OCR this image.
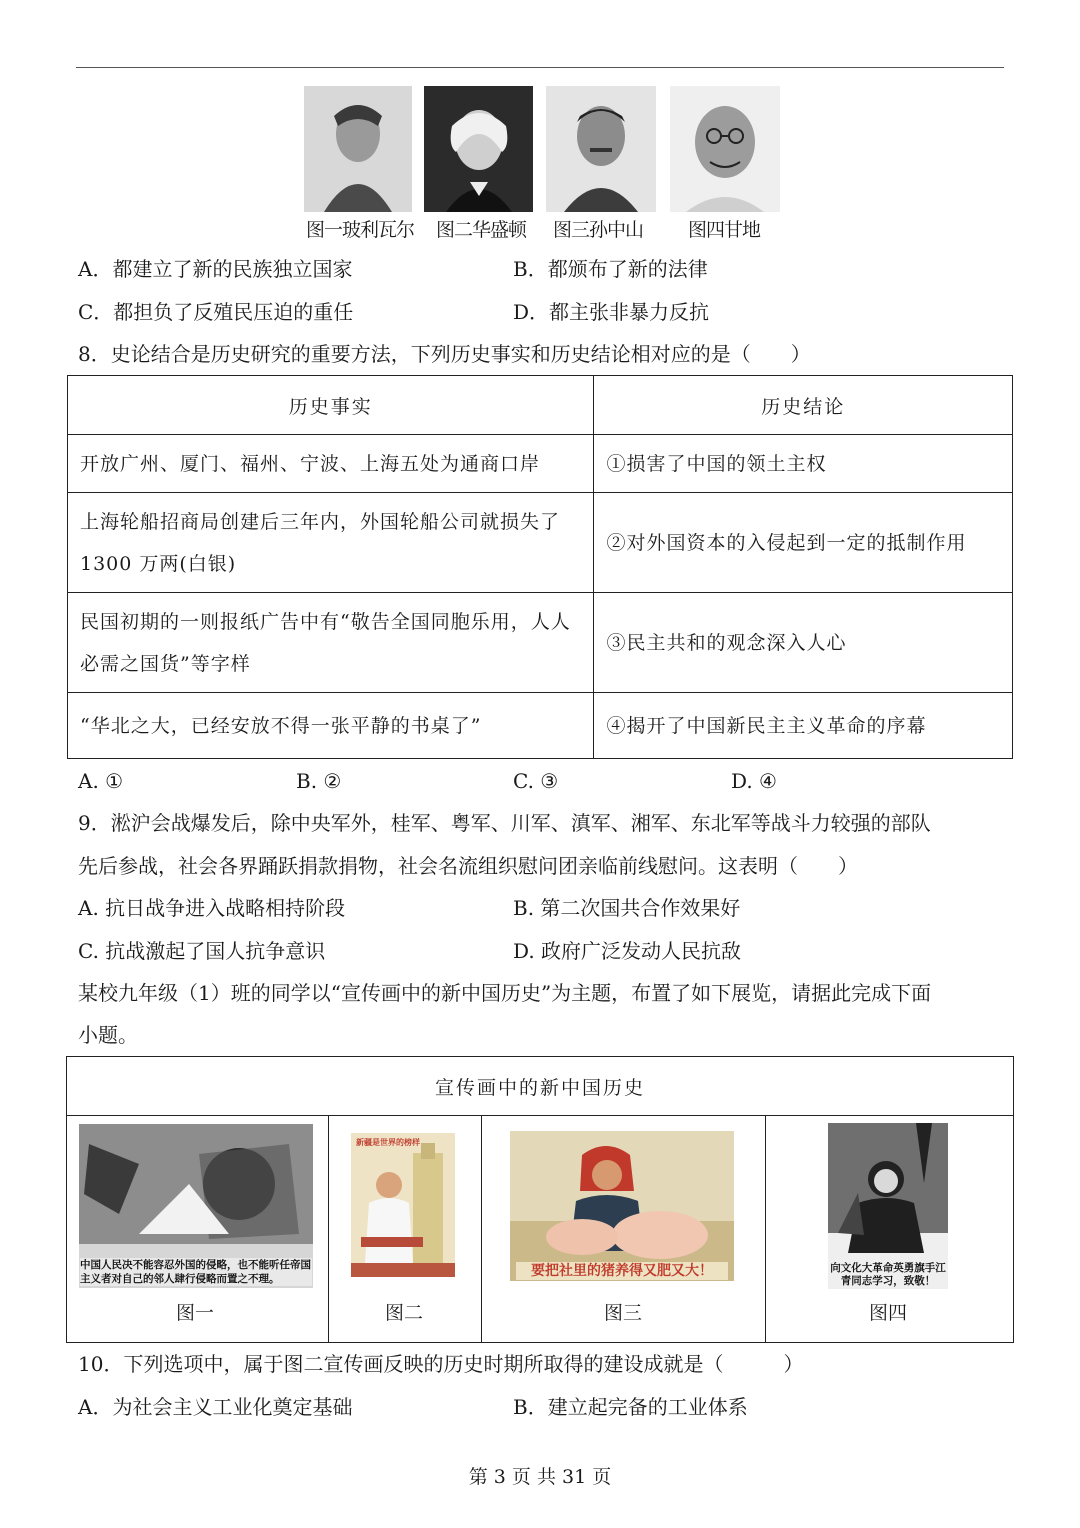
图一玻利瓦尔 图二华盛顿 图三孙中山 图四甘地
A．都建立了新的民族独立国家	B．都颁布了新的法律
C．都担负了反殖民压迫的重任	D．都主张非暴力反抗
8．史论结合是历史研究的重要方法，下列历史事实和历史结论相对应的是（　　）
历史事实	历史结论
开放广州、厦门、福州、宁波、上海五处为通商口岸	①损害了中国的领土主权
上海轮船招商局创建后三年内，外国轮船公司就损失了 1300 万两(白银)	②对外国资本的入侵起到一定的抵制作用
民国初期的一则报纸广告中有“敬告全国同胞乐用，人人必需之国货”等字样	③民主共和的观念深入人心
“华北之大，已经安放不得一张平静的书桌了”	④揭开了中国新民主主义革命的序幕
A. ①	B. ②	C. ③	D. ④
9．淞沪会战爆发后，除中央军外，桂军、粤军、川军、滇军、湘军、东北军等战斗力较强的部队
先后参战，社会各界踊跃捐款捐物，社会名流组织慰问团亲临前线慰问。这表明（　　）
A. 抗日战争进入战略相持阶段	B. 第二次国共合作效果好
C. 抗战激起了国人抗争意识	D. 政府广泛发动人民抗敌
某校九年级（1）班的同学以“宣传画中的新中国历史”为主题，布置了如下展览，请据此完成下面
小题。
宣传画中的新中国历史

中国人民决不能容忍外国的侵略，也不能听任帝国主义者对自己的邻人肆行侵略而置之不理。
新疆是世界的榜样
要把社里的猪养得又肥又大！	向文化大革命英勇旗手江青同志学习，致敬！
图一	图二	图三	图四
10．下列选项中，属于图二宣传画反映的历史时期所取得的建设成就是（　　　）
A．为社会主义工业化奠定基础	B．建立起完备的工业体系
第 3 页 共 31 页
